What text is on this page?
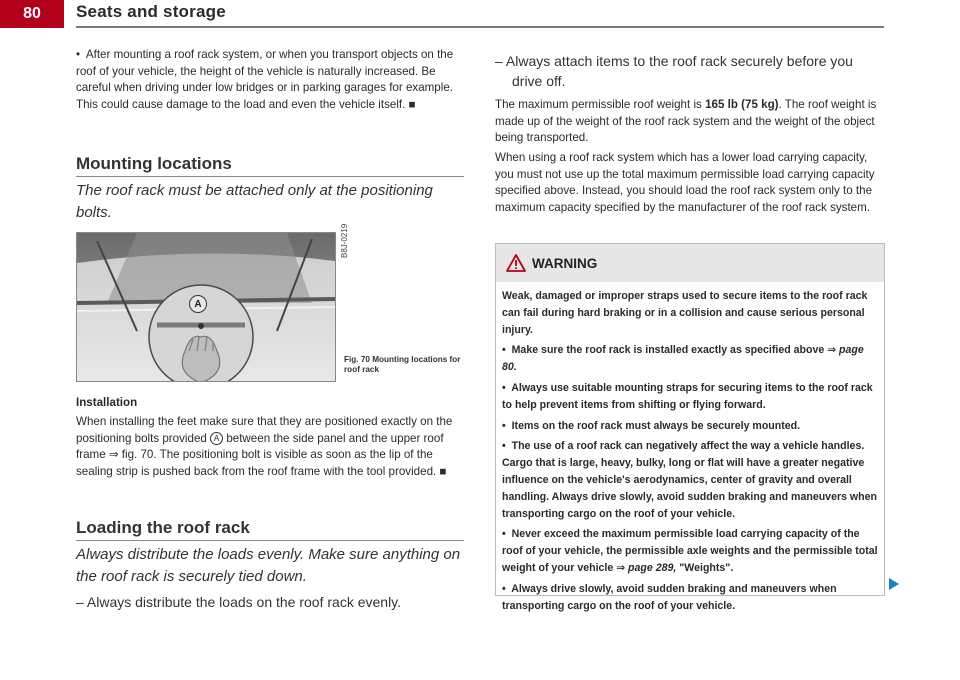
80	Seats and storage
• After mounting a roof rack system, or when you transport objects on the roof of your vehicle, the height of the vehicle is naturally increased. Be careful when driving under low bridges or in parking garages for example. This could cause damage to the load and even the vehicle itself. ■
Mounting locations
The roof rack must be attached only at the positioning bolts.
A
B8J-0219
Fig. 70 Mounting locations for roof rack
Installation
When installing the feet make sure that they are positioned exactly on the positioning bolts provided A between the side panel and the upper roof frame ⇒ fig. 70. The positioning bolt is visible as soon as the lip of the sealing strip is pushed back from the roof frame with the tool provided. ■
Loading the roof rack
Always distribute the loads evenly. Make sure anything on the roof rack is securely tied down.
– Always distribute the loads on the roof rack evenly.
– Always attach items to the roof rack securely before you
drive off.
The maximum permissible roof weight is 165 lb (75 kg). The roof weight is made up of the weight of the roof rack system and the weight of the object being transported.
When using a roof rack system which has a lower load carrying capacity, you must not use up the total maximum permissible load carrying capacity specified above. Instead, you should load the roof rack system only to the maximum capacity specified by the manufacturer of the roof rack system.
WARNING

Weak, damaged or improper straps used to secure items to the roof rack can fail during hard braking or in a collision and cause serious personal injury.

• Make sure the roof rack is installed exactly as specified above ⇒ page 80.

• Always use suitable mounting straps for securing items to the roof rack to help prevent items from shifting or flying forward.

• Items on the roof rack must always be securely mounted.

• The use of a roof rack can negatively affect the way a vehicle handles. Cargo that is large, heavy, bulky, long or flat will have a greater negative influence on the vehicle's aerodynamics, center of gravity and overall handling. Always drive slowly, avoid sudden braking and maneuvers when transporting cargo on the roof of your vehicle.

• Never exceed the maximum permissible load carrying capacity of the roof of your vehicle, the permissible axle weights and the permissible total weight of your vehicle ⇒ page 289, "Weights".

• Always drive slowly, avoid sudden braking and maneuvers when transporting cargo on the roof of your vehicle.
